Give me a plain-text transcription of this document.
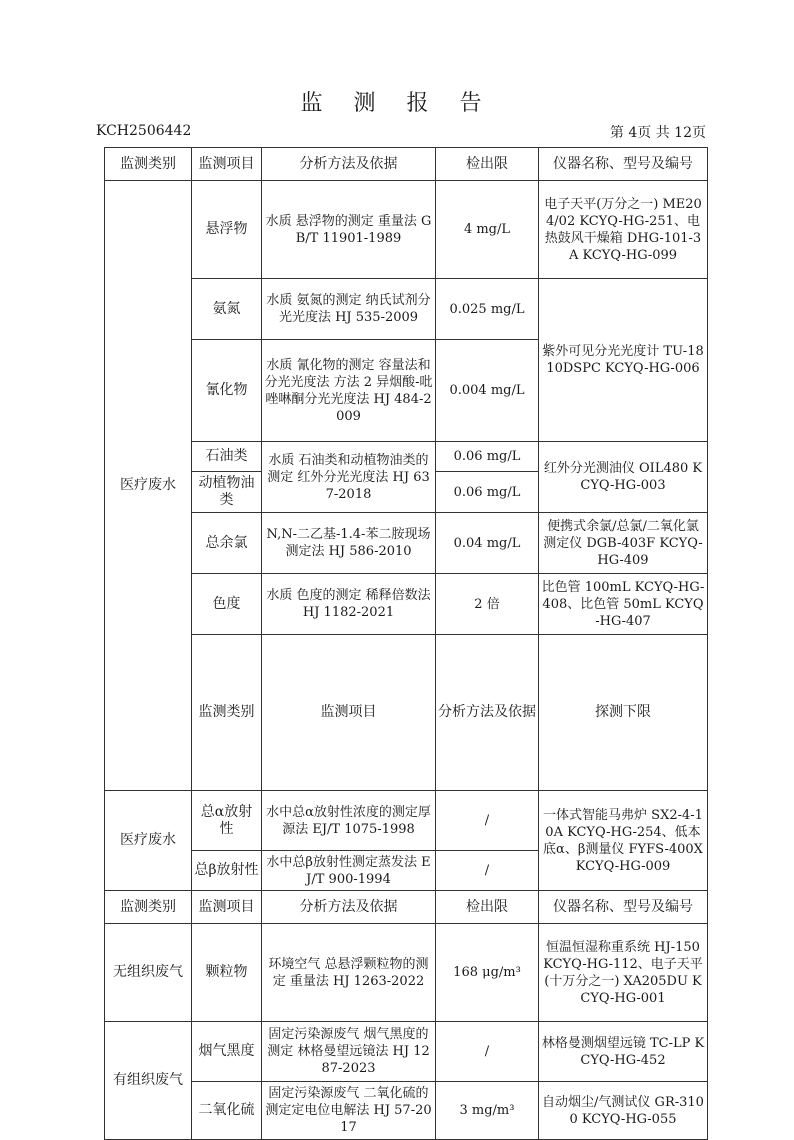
监 测 报 告
KCH2506442	第 4页 共 12页
监测类别	监测项目	分析方法及依据	检出限	仪器名称、型号及编号	
医疗废水	悬浮物	水质 悬浮物的测定 重量法 GB/T 11901-1989	4 mg/L	电子天平(万分之一) ME204/02 KCYQ-HG-251、电热鼓风干燥箱 DHG-101-3A KCYQ-HG-099	
	氨氮	水质 氨氮的测定 纳氏试剂分光光度法 HJ 535-2009	0.025 mg/L	紫外可见分光光度计 TU-1810DSPC KCYQ-HG-006	
	氰化物	水质 氰化物的测定 容量法和分光光度法 方法 2 异烟酸-吡唑啉酮分光光度法 HJ 484-2009	0.004 mg/L		
	石油类	水质 石油类和动植物油类的测定 红外分光光度法 HJ 637-2018	0.06 mg/L	红外分光测油仪 OIL480 KCYQ-HG-003	
	动植物油类		0.06 mg/L		
	总余氯	N,N-二乙基-1.4-苯二胺现场测定法 HJ 586-2010	0.04 mg/L	便携式余氯/总氯/二氧化氯测定仪 DGB-403F KCYQ-HG-409	
	色度	水质 色度的测定 稀释倍数法 HJ 1182-2021	2 倍	比色管 100mL KCYQ-HG-408、比色管 50mL KCYQ-HG-407	
	监测类别	监测项目	分析方法及依据	探测下限	
医疗废水	总α放射性	水中总α放射性浓度的测定厚源法 EJ/T 1075-1998	/	一体式智能马弗炉 SX2-4-10A KCYQ-HG-254、低本底α、β测量仪 FYFS-400X KCYQ-HG-009	
	总β放射性	水中总β放射性测定蒸发法 EJ/T 900-1994	/		
监测类别	监测项目	分析方法及依据	检出限	仪器名称、型号及编号	
无组织废气	颗粒物	环境空气 总悬浮颗粒物的测定 重量法 HJ 1263-2022	168 μg/m³	恒温恒湿称重系统 HJ-150 KCYQ-HG-112、电子天平(十万分之一) XA205DU KCYQ-HG-001	
有组织废气	烟气黑度	固定污染源废气 烟气黑度的测定 林格曼望远镜法 HJ 1287-2023	/	林格曼测烟望远镜 TC-LP KCYQ-HG-452	
	二氧化硫	固定污染源废气 二氧化硫的测定定电位电解法 HJ 57-2017	3 mg/m³	自动烟尘/气测试仪 GR-3100 KCYQ-HG-055	
